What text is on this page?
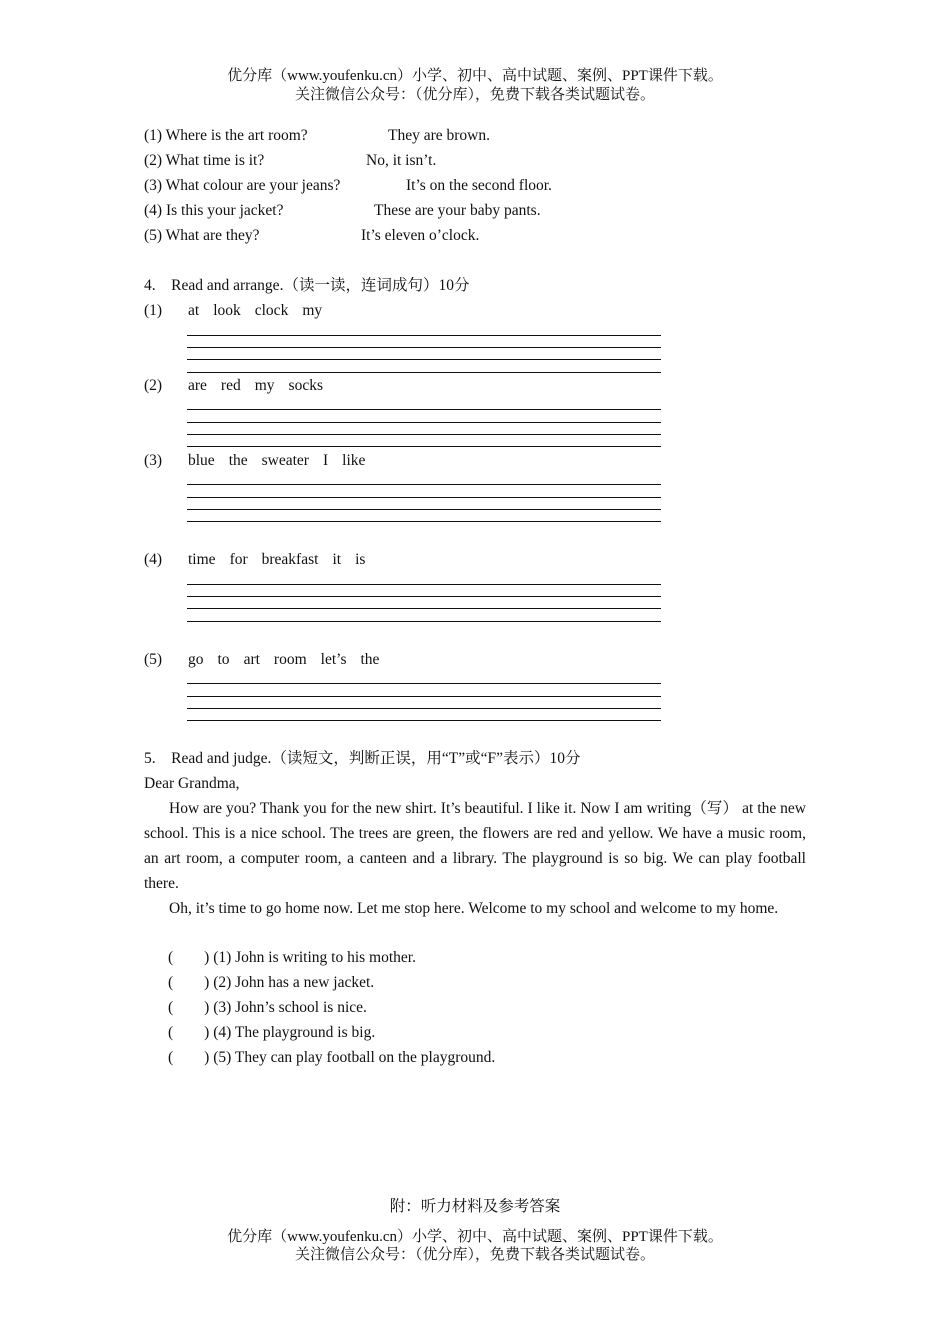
优分库（www.youfenku.cn）小学、初中、高中试题、案例、PPT课件下载。
关注微信公众号：（优分库），免费下载各类试题试卷。
(1) Where is the art room?	They are brown.
(2) What time is it?	No, it isn’t.
(3) What colour are your jeans?	It’s on the second floor.
(4) Is this your jacket?	These are your baby pants.
(5) What are they?	It’s eleven o’clock.
4. Read and arrange.（读一读，连词成句）10分
(1) at look clock my
(2) are red my socks
(3) blue the sweater I like
(4) time for breakfast it is
(5) go to art room let’s the
5. Read and judge.（读短文，判断正误，用“T”或“F”表示）10分
Dear Grandma,
How are you? Thank you for the new shirt. It’s beautiful. I like it. Now I am writing（写） at the new school. This is a nice school. The trees are green, the flowers are red and yellow. We have a music room, an art room, a computer room, a canteen and a library. The playground is so big. We can play football there.
Oh, it’s time to go home now. Let me stop here. Welcome to my school and welcome to my home.
(  ) (1) John is writing to his mother.
(  ) (2) John has a new jacket.
(  ) (3) John’s school is nice.
(  ) (4) The playground is big.
(  ) (5) They can play football on the playground.
附：听力材料及参考答案
优分库（www.youfenku.cn）小学、初中、高中试题、案例、PPT课件下载。
关注微信公众号：（优分库），免费下载各类试题试卷。
